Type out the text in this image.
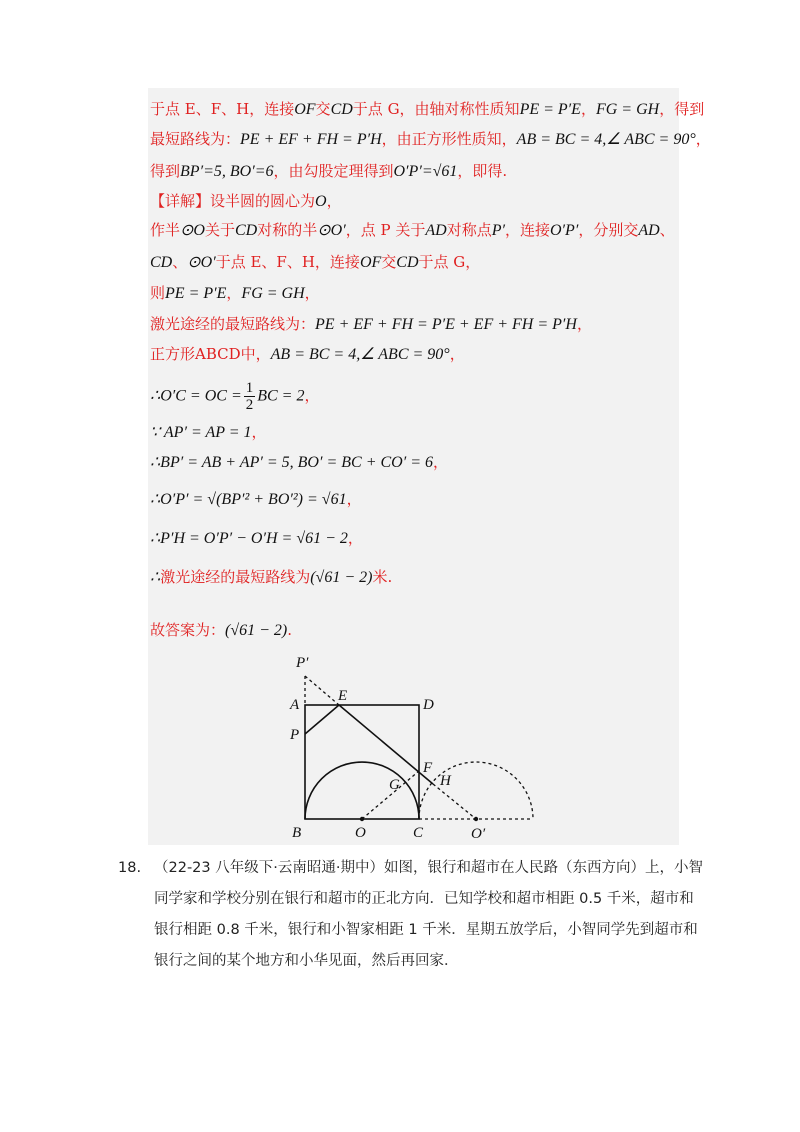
于点 E、F、H，连接OF交CD于点 G，由轴对称性质知PE = P′E，FG = GH，得到
最短路线为：PE + EF + FH = P′H，由正方形性质知，AB = BC = 4,∠ ABC = 90°，
得到BP′=5, BO′=6，由勾股定理得到O′P′=√61，即得.
【详解】设半圆的圆心为O，
作半⊙O关于CD对称的半⊙O′，点 P 关于AD对称点P′，连接O′P′，分别交AD、
CD、⊙O′于点 E、F、H，连接OF交CD于点 G，
则PE = P′E，FG = GH，
激光途经的最短路线为：PE + EF + FH = P′E + EF + FH = P′H，
正方形ABCD中，AB = BC = 4,∠ ABC = 90°，
∴O′C = OC = $\frac{1}{2}$ BC = 2，
∵ AP′ = AP = 1，
∴BP′ = AB + AP′ = 5, BO′ = BC + CO′ = 6，
∴O′P′ = √(BP′² + BO′²) = √61，
∴P′H = O′P′ − O′H = √61 − 2，
∴激光途经的最短路线为(√61 − 2)米.
故答案为：(√61 − 2).
P′
A
E
D
P
F
G	H
B	O	C	O′
18. （22-23 八年级下·云南昭通·期中）如图，银行和超市在人民路（东西方向）上，小智
同学家和学校分别在银行和超市的正北方向．已知学校和超市相距 0.5 千米，超市和
银行相距 0.8 千米，银行和小智家相距 1 千米．星期五放学后，小智同学先到超市和
银行之间的某个地方和小华见面，然后再回家．
